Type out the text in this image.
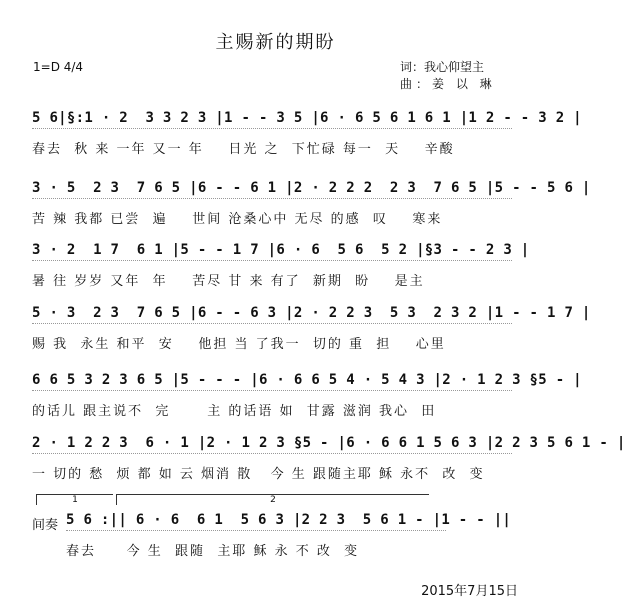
主赐新的期盼
1=D 4/4	词：我心仰望主
曲：姜 以 琳
5 6|§:1 · 2  3 3 2 3 |1 - - 3 5 |6 · 6 5 6 1 6 1 |1 2 - - 3 2 |
春去  秋 来 一年 又一 年    日光 之  下忙碌 每一  天    辛酸
3 · 5  2 3  7 6 5 |6 - - 6 1 |2 · 2 2 2  2 3  7 6 5 |5 - - 5 6 |
苦 辣 我都 已尝  遍    世间 沧桑心中 无尽 的感  叹    寒来
3 · 2  1 7  6 1 |5 - - 1 7 |6 · 6  5 6  5 2 |§3 - - 2 3 |
暑 往 岁岁 又年  年    苦尽 甘 来 有了  新期  盼    是主
5 · 3  2 3  7 6 5 |6 - - 6 3 |2 · 2 2 3  5 3  2 3 2 |1 - - 1 7 |
赐 我  永生 和平  安    他担 当 了我一  切的 重  担    心里
6 6 5 3 2 3 6 5 |5 - - - |6 · 6 6 5 4 · 5 4 3 |2 · 1 2 3 §5 - |
的话儿 跟主说不  完      主 的话语 如  甘露 滋润 我心  田
2 · 1 2 2 3  6 · 1 |2 · 1 2 3 §5 - |6 · 6 6 1 5 6 3 |2 2 3 5 6 1 - |
一 切的 愁  烦 都 如 云 烟消 散   今 生 跟随主耶 稣 永不  改  变
1	2
间奏 5 6 :|| 6 · 6  6 1  5 6 3 |2 2 3  5 6 1 - |1 - - ||
春去     今 生  跟随  主耶 稣 永 不 改  变
2015年7月15日
